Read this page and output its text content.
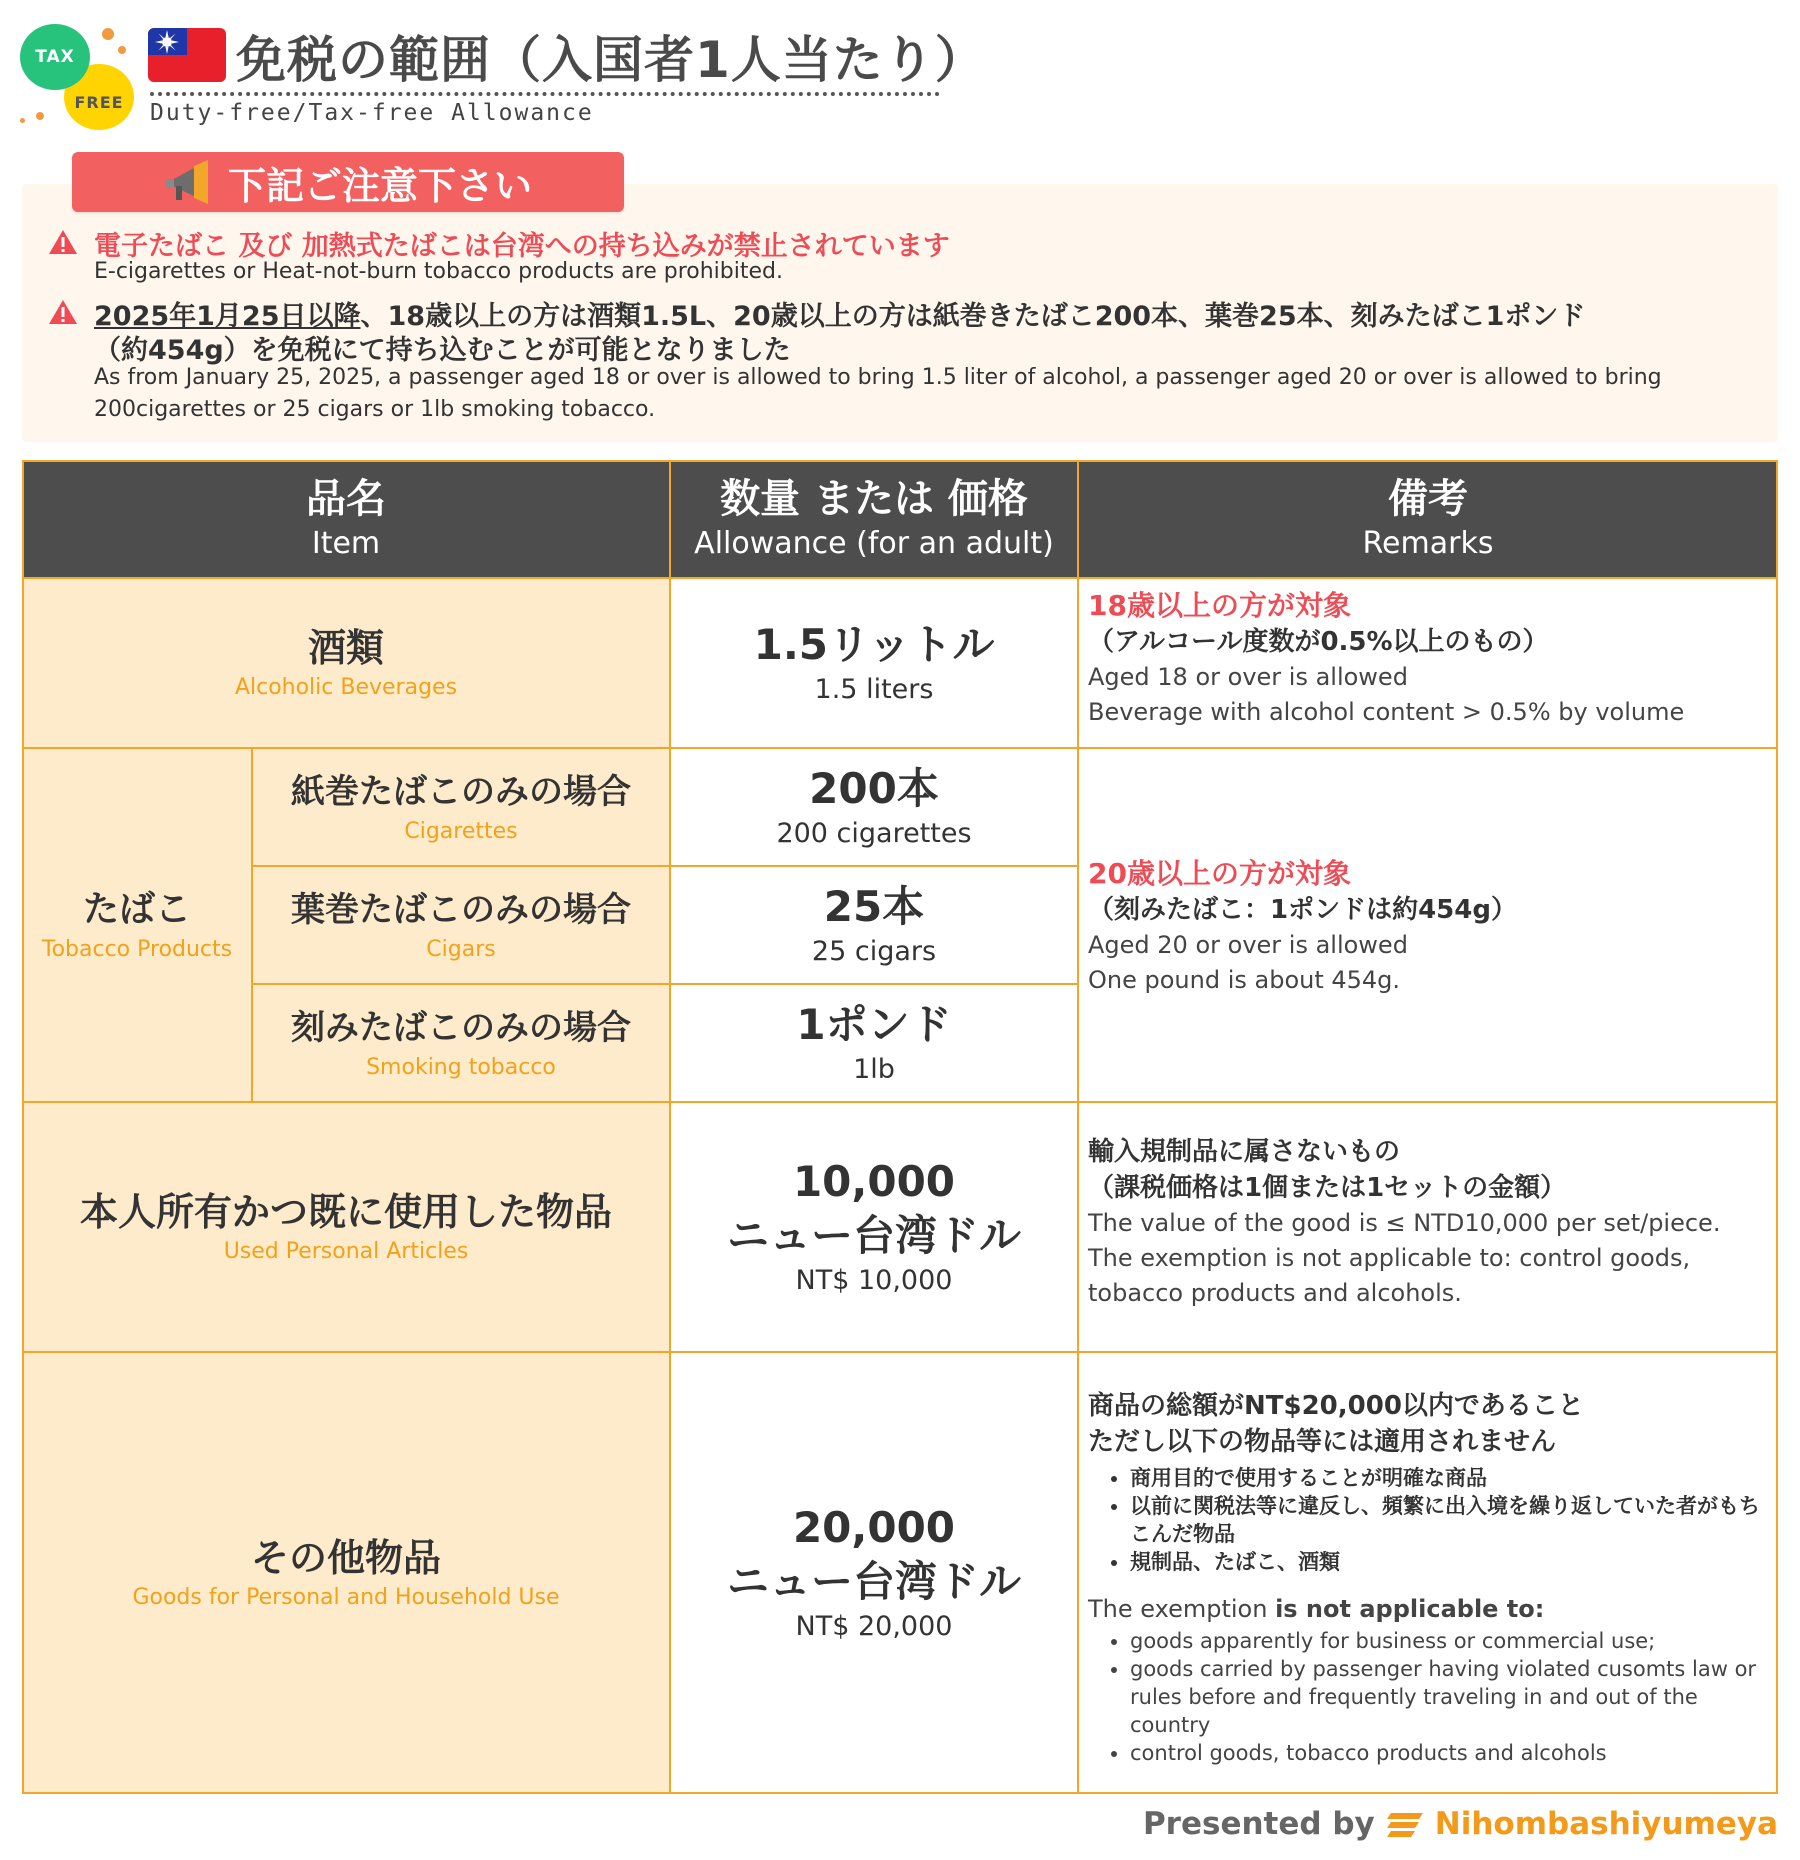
TAX
FREE
免税の範囲（入国者1人当たり）
Duty-free/Tax-free Allowance
下記ご注意下さい
電子たばこ 及び 加熱式たばこは台湾への持ち込みが禁止されています
E-cigarettes or Heat-not-burn tobacco products are prohibited.
2025年1月25日以降、18歳以上の方は酒類1.5L、20歳以上の方は紙巻きたばこ200本、葉巻25本、刻みたばこ1ポンド
（約454g）を免税にて持ち込むことが可能となりました
As from January 25, 2025, a passenger aged 18 or over is allowed to bring 1.5 liter of alcohol, a passenger aged 20 or over is allowed to bring 200cigarettes or 25 cigars or 1lb smoking tobacco.
品名
Item
数量 または 価格
Allowance (for an adult)
備考
Remarks
酒類
Alcoholic Beverages
1.5リットル
1.5 liters
18歳以上の方が対象
（アルコール度数が0.5%以上のもの）
Aged 18 or over is allowed
Beverage with alcohol content > 0.5% by volume
たばこ
Tobacco Products
紙巻たばこのみの場合
Cigarettes
200本
200 cigarettes
葉巻たばこのみの場合
Cigars
25本
25 cigars
刻みたばこのみの場合
Smoking tobacco
1ポンド
1lb
20歳以上の方が対象
（刻みたばこ：1ポンドは約454g）
Aged 20 or over is allowed
One pound is about 454g.
本人所有かつ既に使用した物品
Used Personal Articles
10,000
ニュー台湾ドル
NT$ 10,000
輸入規制品に属さないもの
（課税価格は1個または1セットの金額）
The value of the good is ≤ NTD10,000 per set/piece.
The exemption is not applicable to: control goods, tobacco products and alcohols.
その他物品
Goods for Personal and Household Use
20,000
ニュー台湾ドル
NT$ 20,000
商品の総額がNT$20,000以内であること
ただし以下の物品等には適用されません
• 商用目的で使用することが明確な商品
• 以前に関税法等に違反し、頻繁に出入境を繰り返していた者がもちこんだ物品
• 規制品、たばこ、酒類
The exemption is not applicable to:
• goods apparently for business or commercial use;
• goods carried by passenger having violated cusomts law or rules before and frequently traveling in and out of the country
• control goods, tobacco products and alcohols
Presented by Nihombashiyumeya
